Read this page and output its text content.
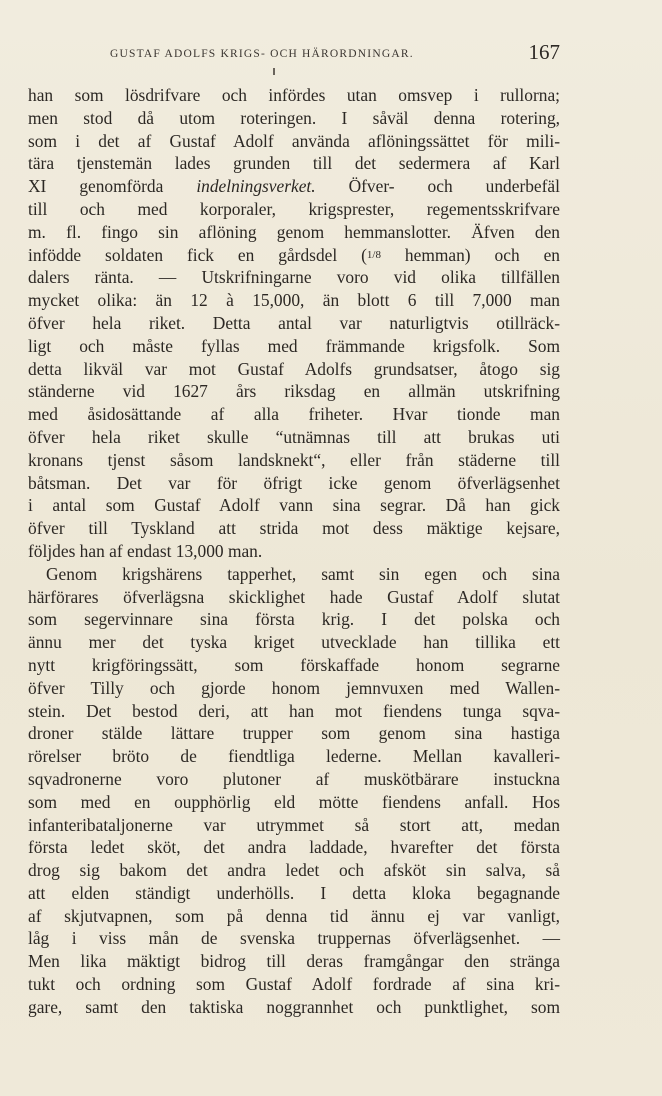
GUSTAF ADOLFS KRIGS- OCH HÄRORDNINGAR.	167
han som lösdrifvare och infördes utan omsvep i rullorna;
men stod då utom roteringen. I såväl denna rotering,
som i det af Gustaf Adolf använda aflöningssättet för mili-
tära tjenstemän lades grunden till det sedermera af Karl
XI genomförda indelningsverket. Öfver- och underbefäl
till och med korporaler, krigsprester, regementsskrifvare
m. fl. fingo sin aflöning genom hemmanslotter. Äfven den
infödde soldaten fick en gårdsdel (1/8 hemman) och en
dalers ränta. — Utskrifningarne voro vid olika tillfällen
mycket olika: än 12 à 15,000, än blott 6 till 7,000 man
öfver hela riket. Detta antal var naturligtvis otillräck-
ligt och måste fyllas med främmande krigsfolk. Som
detta likväl var mot Gustaf Adolfs grundsatser, åtogo sig
ständerne vid 1627 års riksdag en allmän utskrifning
med åsidosättande af alla friheter. Hvar tionde man
öfver hela riket skulle “utnämnas till att brukas uti
kronans tjenst såsom landsknekt“, eller från städerne till
båtsman. Det var för öfrigt icke genom öfverlägsenhet
i antal som Gustaf Adolf vann sina segrar. Då han gick
öfver till Tyskland att strida mot dess mäktige kejsare,
följdes han af endast 13,000 man.
Genom krigshärens tapperhet, samt sin egen och sina
härförares öfverlägsna skicklighet hade Gustaf Adolf slutat
som segervinnare sina första krig. I det polska och
ännu mer det tyska kriget utvecklade han tillika ett
nytt krigföringssätt, som förskaffade honom segrarne
öfver Tilly och gjorde honom jemnvuxen med Wallen-
stein. Det bestod deri, att han mot fiendens tunga sqva-
droner stälde lättare trupper som genom sina hastiga
rörelser bröto de fiendtliga lederne. Mellan kavalleri-
sqvadronerne voro plutoner af muskötbärare instuckna
som med en oupphörlig eld mötte fiendens anfall. Hos
infanteribataljonerne var utrymmet så stort att, medan
första ledet sköt, det andra laddade, hvarefter det första
drog sig bakom det andra ledet och afsköt sin salva, så
att elden ständigt underhölls. I detta kloka begagnande
af skjutvapnen, som på denna tid ännu ej var vanligt,
låg i viss mån de svenska truppernas öfverlägsenhet. —
Men lika mäktigt bidrog till deras framgångar den stränga
tukt och ordning som Gustaf Adolf fordrade af sina kri-
gare, samt den taktiska noggrannhet och punktlighet, som
